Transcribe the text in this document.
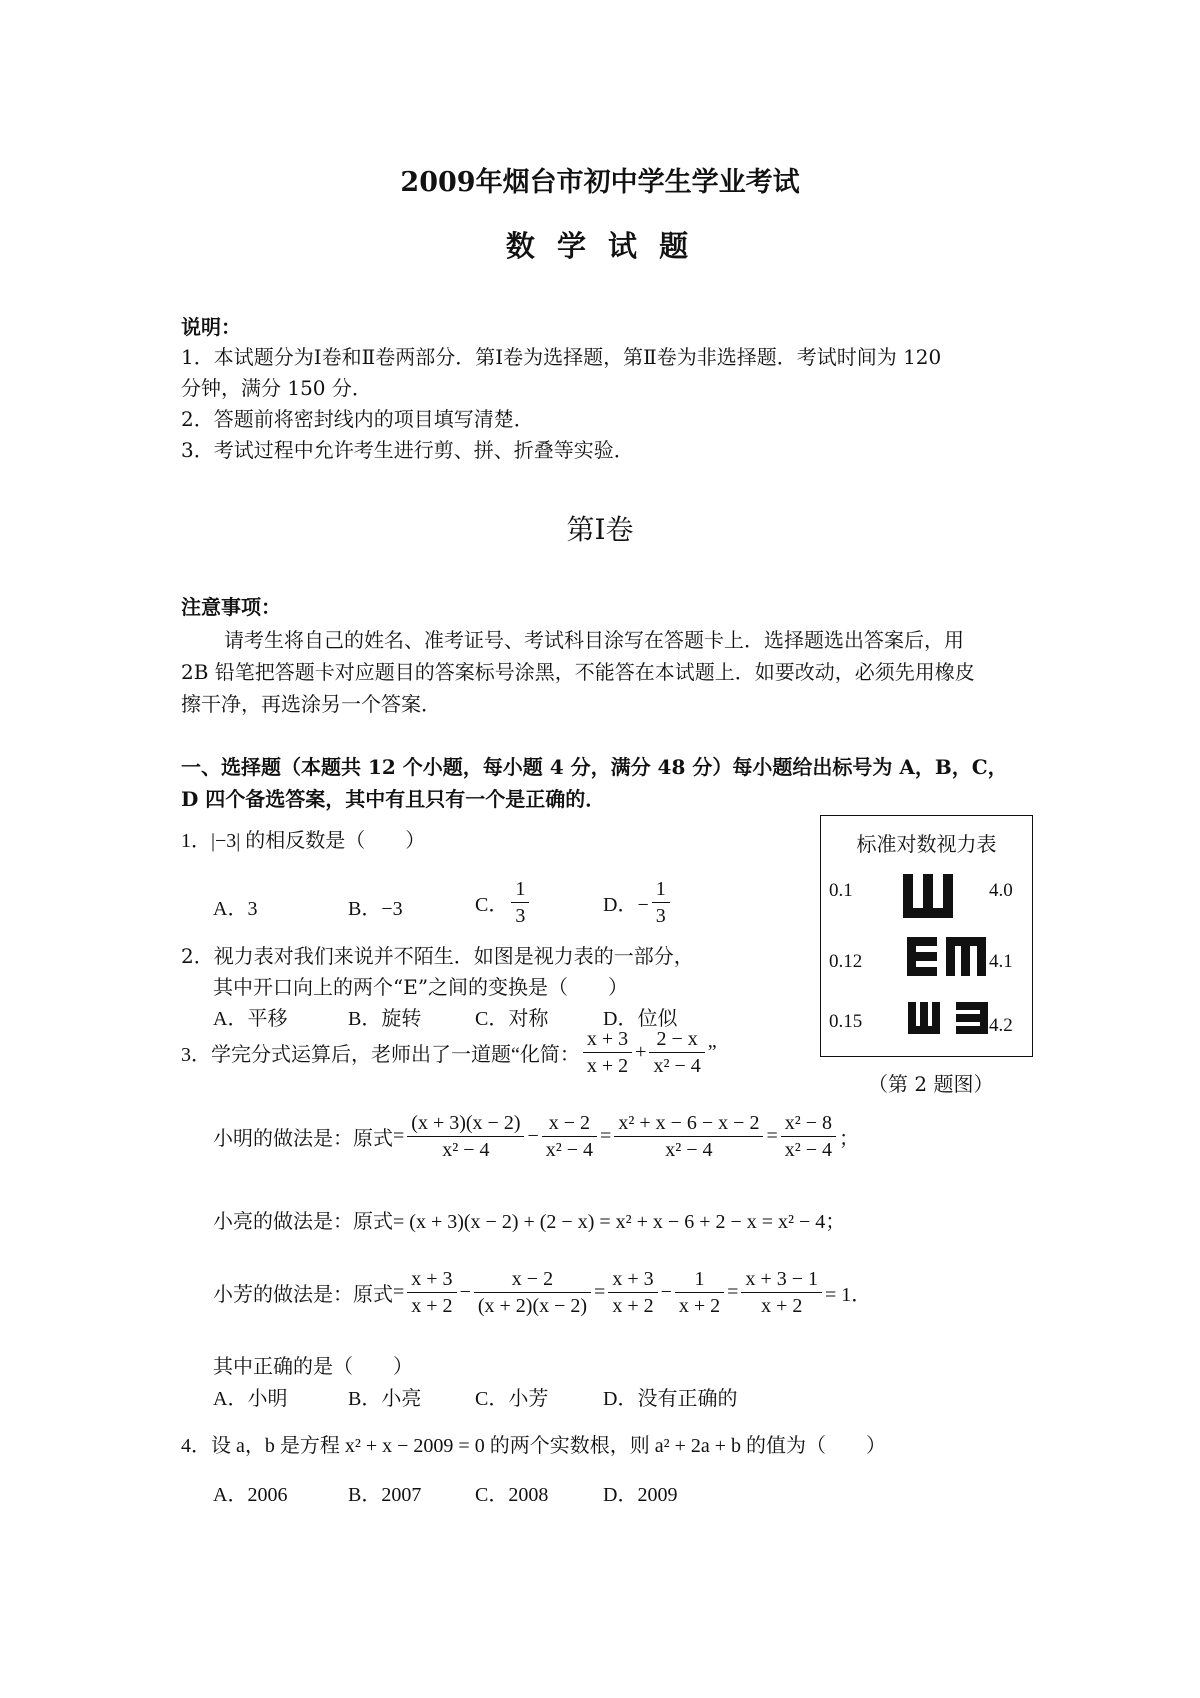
2009年烟台市初中学生学业考试
数 学 试 题
说明：
1．本试题分为Ⅰ卷和Ⅱ卷两部分．第Ⅰ卷为选择题，第Ⅱ卷为非选择题．考试时间为 120
分钟，满分 150 分．
2．答题前将密封线内的项目填写清楚．
3．考试过程中允许考生进行剪、拼、折叠等实验．
第Ⅰ卷
注意事项：
请考生将自己的姓名、准考证号、考试科目涂写在答题卡上．选择题选出答案后，用
2B 铅笔把答题卡对应题目的答案标号涂黑，不能答在本试题上．如要改动，必须先用橡皮
擦干净，再选涂另一个答案．
一、选择题（本题共 12 个小题，每小题 4 分，满分 48 分）每小题给出标号为 A，B，C，
D 四个备选答案，其中有且只有一个是正确的．
1．|−3| 的相反数是（　　）
A．3	B．−3	C． $\frac{1}{3}$	D．− $\frac{1}{3}$
2．视力表对我们来说并不陌生．如图是视力表的一部分，
其中开口向上的两个“E”之间的变换是（　　）
A．平移	B．旋转	C．对称	D．位似
标准对数视力表
0.1
0.12
0.15
4.0
4.1
4.2
（第 2 题图）
3．学完分式运算后，老师出了一道题“化简： $\frac{x + 3}{x + 2} + \frac{2 - x}{\text{x² − 4}}$ ”
小明的做法是：原式= $\frac{(x + 3)(x - 2)}{\text{x² − 4}} - \frac{x - 2}{\text{x² − 4}} = \frac{\text{x² + x − 6 − x − 2}}{\text{x² − 4}} = \frac{\text{x² − 8}}{\text{x² − 4}}$ ；
小亮的做法是：原式= (x + 3)(x − 2) + (2 − x) = x² + x − 6 + 2 − x = x² − 4；
小芳的做法是：原式= $\frac{x + 3}{x + 2} - \frac{x - 2}{(x + 2)(x - 2)} = \frac{x + 3}{x + 2} - \frac{1}{x + 2} = \frac{x + 3 - 1}{x + 2} = 1$．
其中正确的是（　　）
A．小明	B．小亮	C．小芳	D．没有正确的
4．设 a，b 是方程 x² + x − 2009 = 0 的两个实数根，则 a² + 2a + b 的值为（　　）
A．2006	B．2007	C．2008	D．2009
